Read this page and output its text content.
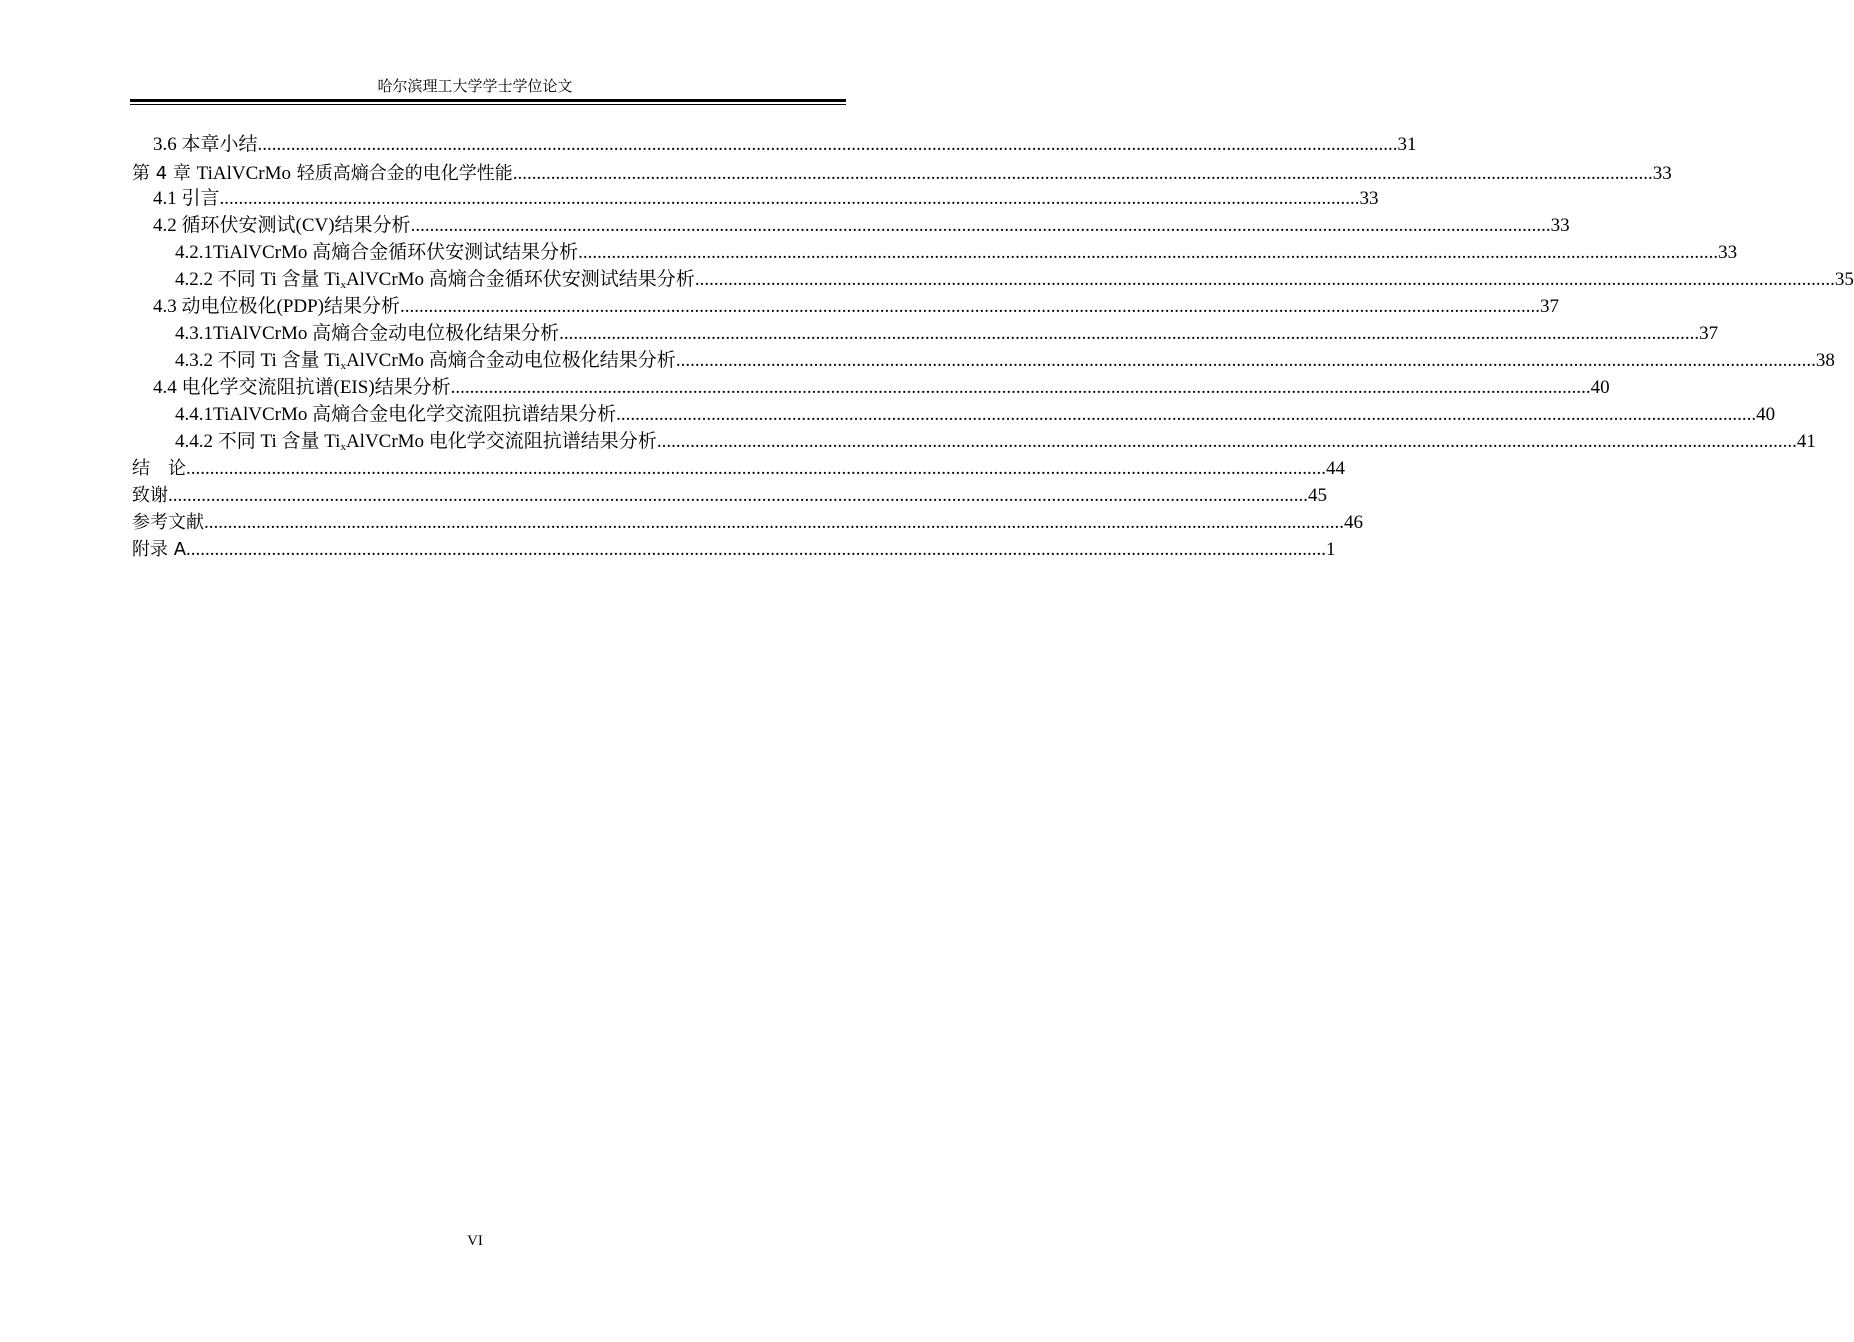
哈尔滨理工大学学士学位论文
3.6 本章小结 ................................................................................................................................................................................................................................................ 31
第 4 章 TiAlVCrMo 轻质高熵合金的电化学性能 ................................................................................................................................................................................................................................................ 33
4.1 引言 ................................................................................................................................................................................................................................................ 33
4.2 循环伏安测试(CV)结果分析 ................................................................................................................................................................................................................................................ 33
4.2.1TiAlVCrMo 高熵合金循环伏安测试结果分析 ................................................................................................................................................................................................................................................ 33
4.2.2 不同 Ti 含量 $Ti_xAlVCrMo$ 高熵合金循环伏安测试结果分析 ................................................................................................................................................................................................................................................ 35
4.3 动电位极化(PDP)结果分析 ................................................................................................................................................................................................................................................ 37
4.3.1TiAlVCrMo 高熵合金动电位极化结果分析 ................................................................................................................................................................................................................................................ 37
4.3.2 不同 Ti 含量 $Ti_xAlVCrMo$ 高熵合金动电位极化结果分析 ................................................................................................................................................................................................................................................ 38
4.4 电化学交流阻抗谱(EIS)结果分析 ................................................................................................................................................................................................................................................ 40
4.4.1TiAlVCrMo 高熵合金电化学交流阻抗谱结果分析 ................................................................................................................................................................................................................................................ 40
4.4.2 不同 Ti 含量 $Ti_xAlVCrMo$ 电化学交流阻抗谱结果分析 ................................................................................................................................................................................................................................................ 41
结　论 ................................................................................................................................................................................................................................................ 44
致谢 ................................................................................................................................................................................................................................................ 45
参考文献 ................................................................................................................................................................................................................................................ 46
附录 A ................................................................................................................................................................................................................................................ 1
VI
